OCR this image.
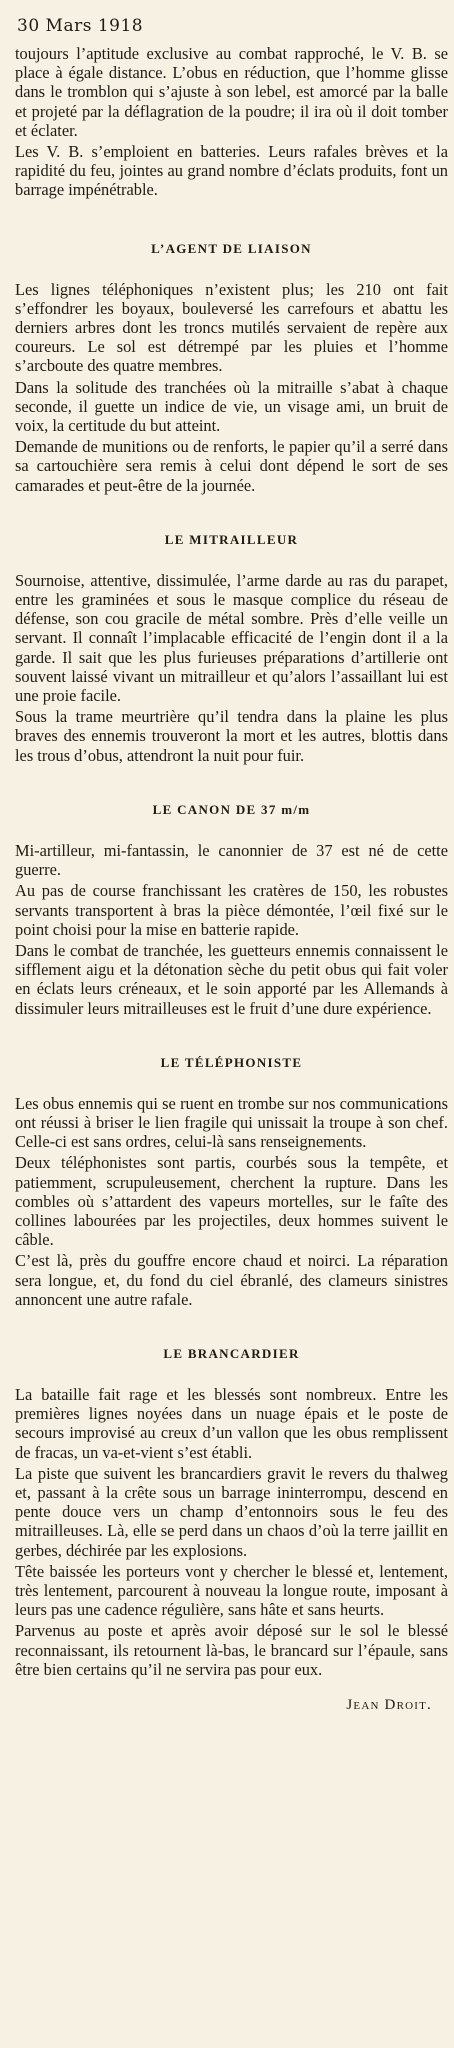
30 Mars 1918

toujours l’aptitude exclusive au combat rapproché, le V. B. se place à égale distance. L’obus en réduction, que l’homme glisse dans le tromblon qui s’ajuste à son lebel, est amorcé par la balle et projeté par la déflagration de la poudre; il ira où il doit tomber et éclater.

Les V. B. s’emploient en batteries. Leurs rafales brèves et la rapidité du feu, jointes au grand nombre d’éclats produits, font un barrage impénétrable.

L’AGENT DE LIAISON

Les lignes téléphoniques n’existent plus; les 210 ont fait s’effondrer les boyaux, bouleversé les carrefours et abattu les derniers arbres dont les troncs mutilés servaient de repère aux coureurs. Le sol est détrempé par les pluies et l’homme s’arcboute des quatre membres.

Dans la solitude des tranchées où la mitraille s’abat à chaque seconde, il guette un indice de vie, un visage ami, un bruit de voix, la certitude du but atteint.

Demande de munitions ou de renforts, le papier qu’il a serré dans sa cartouchière sera remis à celui dont dépend le sort de ses camarades et peut-être de la journée.

LE MITRAILLEUR

Sournoise, attentive, dissimulée, l’arme darde au ras du parapet, entre les graminées et sous le masque complice du réseau de défense, son cou gracile de métal sombre. Près d’elle veille un servant. Il connaît l’implacable efficacité de l’engin dont il a la garde. Il sait que les plus furieuses préparations d’artillerie ont souvent laissé vivant un mitrailleur et qu’alors l’assaillant lui est une proie facile.

Sous la trame meurtrière qu’il tendra dans la plaine les plus braves des ennemis trouveront la mort et les autres, blottis dans les trous d’obus, attendront la nuit pour fuir.

LE CANON DE 37 m/m

Mi-artilleur, mi-fantassin, le canonnier de 37 est né de cette guerre.

Au pas de course franchissant les cratères de 150, les robustes servants transportent à bras la pièce démontée, l’œil fixé sur le point choisi pour la mise en batterie rapide.

Dans le combat de tranchée, les guetteurs ennemis connaissent le sifflement aigu et la détonation sèche du petit obus qui fait voler en éclats leurs créneaux, et le soin apporté par les Allemands à dissimuler leurs mitrailleuses est le fruit d’une dure expérience.

LE TÉLÉPHONISTE

Les obus ennemis qui se ruent en trombe sur nos communications ont réussi à briser le lien fragile qui unissait la troupe à son chef. Celle-ci est sans ordres, celui-là sans renseignements.

Deux téléphonistes sont partis, courbés sous la tempête, et patiemment, scrupuleusement, cherchent la rupture. Dans les combles où s’attardent des vapeurs mortelles, sur le faîte des collines labourées par les projectiles, deux hommes suivent le câble.

C’est là, près du gouffre encore chaud et noirci. La réparation sera longue, et, du fond du ciel ébranlé, des clameurs sinistres annoncent une autre rafale.

LE BRANCARDIER

La bataille fait rage et les blessés sont nombreux. Entre les premières lignes noyées dans un nuage épais et le poste de secours improvisé au creux d’un vallon que les obus remplissent de fracas, un va-et-vient s’est établi.

La piste que suivent les brancardiers gravit le revers du thalweg et, passant à la crête sous un barrage ininterrompu, descend en pente douce vers un champ d’entonnoirs sous le feu des mitrailleuses. Là, elle se perd dans un chaos d’où la terre jaillit en gerbes, déchirée par les explosions.

Tête baissée les porteurs vont y chercher le blessé et, lentement, très lentement, parcourent à nouveau la longue route, imposant à leurs pas une cadence régulière, sans hâte et sans heurts.

Parvenus au poste et après avoir déposé sur le sol le blessé reconnaissant, ils retournent là-bas, le brancard sur l’épaule, sans être bien certains qu’il ne servira pas pour eux.

Jean Droit.
